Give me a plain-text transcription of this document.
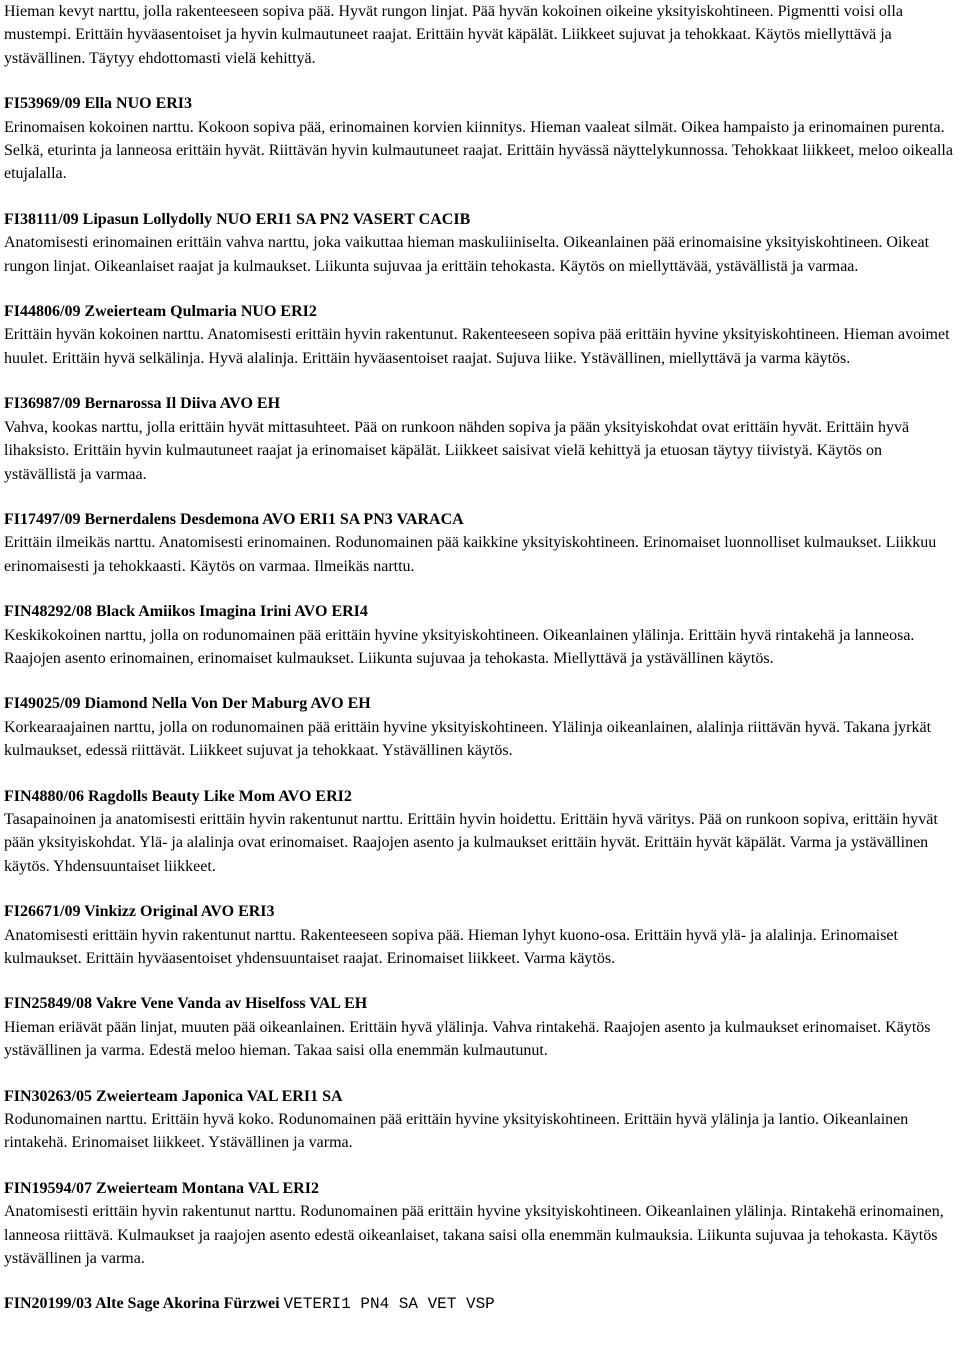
Hieman kevyt narttu, jolla rakenteeseen sopiva pää. Hyvät rungon linjat. Pää hyvän kokoinen oikeine yksityiskohtineen. Pigmentti voisi olla mustempi. Erittäin hyväasentoiset ja hyvin kulmautuneet raajat. Erittäin hyvät käpälät. Liikkeet sujuvat ja tehokkaat. Käytös miellyttävä ja ystävällinen. Täytyy ehdottomasti vielä kehittyä.

FI53969/09 Ella NUO ERI3

Erinomaisen kokoinen narttu. Kokoon sopiva pää, erinomainen korvien kiinnitys. Hieman vaaleat silmät. Oikea hampaisto ja erinomainen purenta. Selkä, eturinta ja lanneosa erittäin hyvät. Riittävän hyvin kulmautuneet raajat. Erittäin hyvässä näyttelykunnossa. Tehokkaat liikkeet, meloo oikealla etujalalla.

FI38111/09 Lipasun Lollydolly NUO ERI1 SA PN2 VASERT CACIB

Anatomisesti erinomainen erittäin vahva narttu, joka vaikuttaa hieman maskuliiniselta. Oikeanlainen pää erinomaisine yksityiskohtineen. Oikeat rungon linjat. Oikeanlaiset raajat ja kulmaukset. Liikunta sujuvaa ja erittäin tehokasta. Käytös on miellyttävää, ystävällistä ja varmaa.

FI44806/09 Zweierteam Qulmaria NUO ERI2

Erittäin hyvän kokoinen narttu. Anatomisesti erittäin hyvin rakentunut. Rakenteeseen sopiva pää erittäin hyvine yksityiskohtineen. Hieman avoimet huulet. Erittäin hyvä selkälinja. Hyvä alalinja. Erittäin hyväasentoiset raajat. Sujuva liike. Ystävällinen, miellyttävä ja varma käytös.

FI36987/09 Bernarossa Il Diiva AVO EH

Vahva, kookas narttu, jolla erittäin hyvät mittasuhteet. Pää on runkoon nähden sopiva ja pään yksityiskohdat ovat erittäin hyvät. Erittäin hyvä lihaksisto. Erittäin hyvin kulmautuneet raajat ja erinomaiset käpälät. Liikkeet saisivat vielä kehittyä ja etuosan täytyy tiivistyä. Käytös on ystävällistä ja varmaa.

FI17497/09 Bernerdalens Desdemona AVO ERI1 SA PN3 VARACA

Erittäin ilmeikäs narttu. Anatomisesti erinomainen. Rodunomainen pää kaikkine yksityiskohtineen. Erinomaiset luonnolliset kulmaukset. Liikkuu erinomaisesti ja tehokkaasti. Käytös on varmaa. Ilmeikäs narttu.

FIN48292/08 Black Amiikos Imagina Irini AVO ERI4

Keskikokoinen narttu, jolla on rodunomainen pää erittäin hyvine yksityiskohtineen. Oikeanlainen ylälinja. Erittäin hyvä rintakehä ja lanneosa. Raajojen asento erinomainen, erinomaiset kulmaukset. Liikunta sujuvaa ja tehokasta. Miellyttävä ja ystävällinen käytös.

FI49025/09 Diamond Nella Von Der Maburg AVO EH

Korkearaajainen narttu, jolla on rodunomainen pää erittäin hyvine yksityiskohtineen. Ylälinja oikeanlainen, alalinja riittävän hyvä. Takana jyrkät kulmaukset, edessä riittävät. Liikkeet sujuvat ja tehokkaat. Ystävällinen käytös.

FIN4880/06 Ragdolls Beauty Like Mom AVO ERI2

Tasapainoinen ja anatomisesti erittäin hyvin rakentunut narttu. Erittäin hyvin hoidettu. Erittäin hyvä väritys. Pää on runkoon sopiva, erittäin hyvät pään yksityiskohdat. Ylä- ja alalinja ovat erinomaiset. Raajojen asento ja kulmaukset erittäin hyvät. Erittäin hyvät käpälät. Varma ja ystävällinen käytös. Yhdensuuntaiset liikkeet.

FI26671/09 Vinkizz Original AVO ERI3

Anatomisesti erittäin hyvin rakentunut narttu. Rakenteeseen sopiva pää. Hieman lyhyt kuono-osa. Erittäin hyvä ylä- ja alalinja. Erinomaiset kulmaukset. Erittäin hyväasentoiset yhdensuuntaiset raajat. Erinomaiset liikkeet. Varma käytös.

FIN25849/08 Vakre Vene Vanda av Hiselfoss VAL EH

Hieman eriävät pään linjat, muuten pää oikeanlainen. Erittäin hyvä ylälinja. Vahva rintakehä. Raajojen asento ja kulmaukset erinomaiset. Käytös ystävällinen ja varma. Edestä meloo hieman. Takaa saisi olla enemmän kulmautunut.

FIN30263/05 Zweierteam Japonica VAL ERI1 SA

Rodunomainen narttu. Erittäin hyvä koko. Rodunomainen pää erittäin hyvine yksityiskohtineen. Erittäin hyvä ylälinja ja lantio. Oikeanlainen rintakehä. Erinomaiset liikkeet. Ystävällinen ja varma.

FIN19594/07 Zweierteam Montana VAL ERI2

Anatomisesti erittäin hyvin rakentunut narttu. Rodunomainen pää erittäin hyvine yksityiskohtineen. Oikeanlainen ylälinja. Rintakehä erinomainen, lanneosa riittävä. Kulmaukset ja raajojen asento edestä oikeanlaiset, takana saisi olla enemmän kulmauksia. Liikunta sujuvaa ja tehokasta. Käytös ystävällinen ja varma.

FIN20199/03 Alte Sage Akorina Fürzwei VETERI1 PN4 SA VET VSP
